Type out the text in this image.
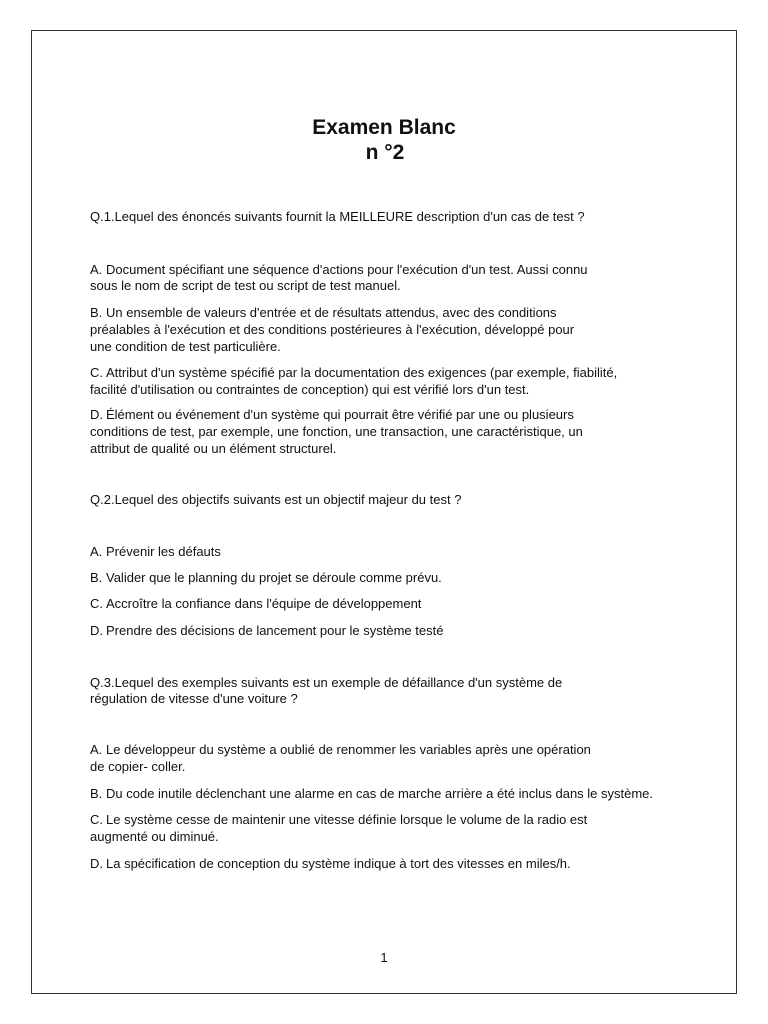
Examen Blanc
n °2
Q.1.Lequel des énoncés suivants fournit la MEILLEURE description d'un cas de test ?
A. Document spécifiant une séquence d'actions pour l'exécution d'un test. Aussi connu
sous le nom de script de test ou script de test manuel.
B. Un ensemble de valeurs d'entrée et de résultats attendus, avec des conditions
préalables à l'exécution et des conditions postérieures à l'exécution, développé pour
une condition de test particulière.
C. Attribut d'un système spécifié par la documentation des exigences (par exemple, fiabilité,
facilité d'utilisation ou contraintes de conception) qui est vérifié lors d'un test.
D. Élément ou événement d'un système qui pourrait être vérifié par une ou plusieurs
conditions de test, par exemple, une fonction, une transaction, une caractéristique, un
attribut de qualité ou un élément structurel.
Q.2.Lequel des objectifs suivants est un objectif majeur du test ?
A. Prévenir les défauts
B. Valider que le planning du projet se déroule comme prévu.
C. Accroître la confiance dans l'équipe de développement
D. Prendre des décisions de lancement pour le système testé
Q.3.Lequel des exemples suivants est un exemple de défaillance d'un système de
régulation de vitesse d'une voiture ?
A. Le développeur du système a oublié de renommer les variables après une opération
de copier- coller.
B. Du code inutile déclenchant une alarme en cas de marche arrière a été inclus dans le système.
C. Le système cesse de maintenir une vitesse définie lorsque le volume de la radio est
augmenté ou diminué.
D. La spécification de conception du système indique à tort des vitesses en miles/h.
1
